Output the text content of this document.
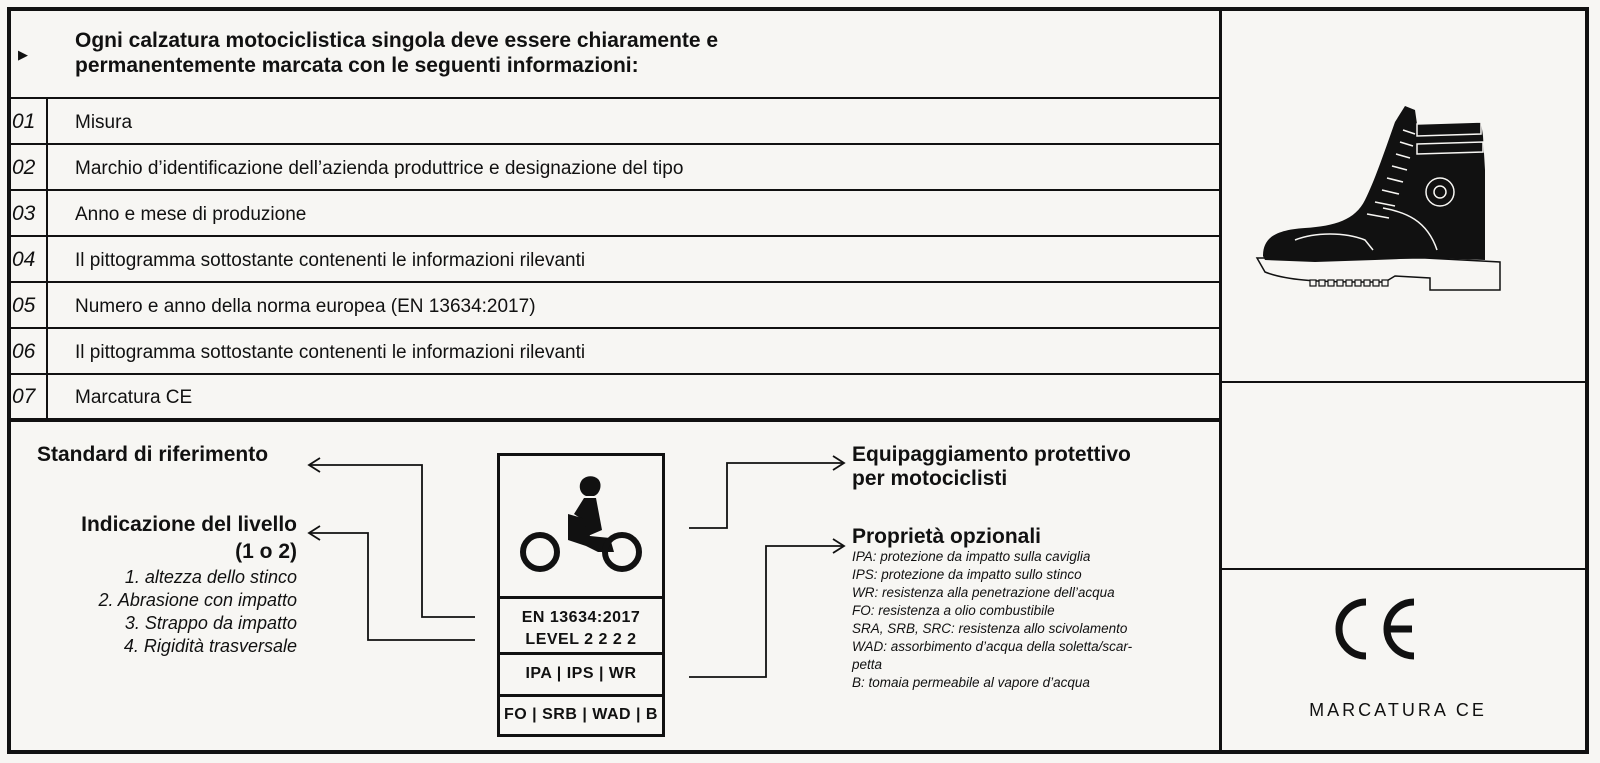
▶
Ogni calzatura motociclistica singola deve essere chiaramente e
permanentemente marcata con le seguenti informazioni:
01 Misura
02 Marchio d’identificazione dell’azienda produttrice e designazione del tipo
03 Anno e mese di produzione
04 Il pittogramma sottostante contenenti le informazioni rilevanti
05 Numero e anno della norma europea (EN 13634:2017)
06 Il pittogramma sottostante contenenti le informazioni rilevanti
07 Marcatura CE
Standard di riferimento
Indicazione del livello
(1 o 2)
1. altezza dello stinco
2. Abrasione con impatto
3. Strappo da impatto
4. Rigidità trasversale
EN 13634:2017
LEVEL 2 2 2 2
IPA | IPS | WR
FO | SRB | WAD | B
Equipaggiamento protettivo
per motociclisti
Proprietà opzionali
IPA: protezione da impatto sulla caviglia
IPS: protezione da impatto sullo stinco
WR: resistenza alla penetrazione dell’acqua
FO: resistenza a olio combustibile
SRA, SRB, SRC: resistenza allo scivolamento
WAD: assorbimento d’acqua della soletta/scar-
petta
B: tomaia permeabile al vapore d’acqua
MARCATURA CE
